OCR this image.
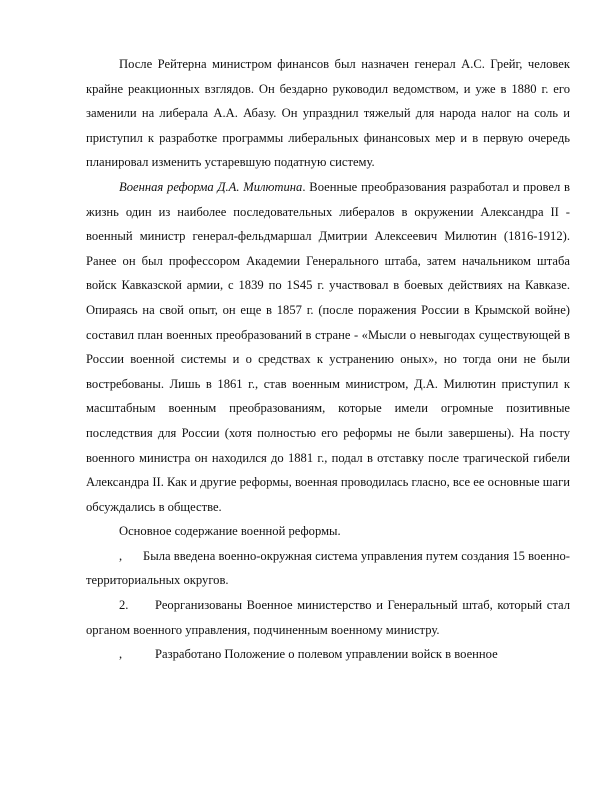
После Рейтерна министром финансов был назначен генерал А.С. Грейг, человек крайне реакционных взглядов. Он бездарно руководил ведомством, и уже в 1880 г. его заменили на либерала А.А. Абазу. Он упразднил тяжелый для народа налог на соль и приступил к разработке программы либеральных финансовых мер и в первую очередь планировал изменить устаревшую податную систему.

Военная реформа Д.А. Милютина. Военные преобразования разработал и провел в жизнь один из наиболее последовательных либералов в окружении Александра II - военный министр генерал-фельдмаршал Дмитрии Алексеевич Милютин (1816-1912). Ранее он был профессором Академии Генерального штаба, затем начальником штаба войск Кавказской армии, с 1839 по 1S45 г. участвовал в боевых действиях на Кавказе. Опираясь на свой опыт, он еще в 1857 г. (после поражения России в Крымской войне) составил план военных преобразований в стране - «Мысли о невыгодах существующей в России военной системы и о средствах к устранению оных», но тогда они не были востребованы. Лишь в 1861 г., став военным министром, Д.А. Милютин приступил к масштабным военным преобразованиям, которые имели огромные позитивные последствия для России (хотя полностью его реформы не были завершены). На посту военного министра он находился до 1881 г., подал в отставку после трагической гибели Александра II. Как и другие реформы, военная проводилась гласно, все ее основные шаги обсуждались в обществе.

Основное содержание военной реформы.

, Была введена военно-окружная система управления путем создания 15 военно-территориальных округов.

2. Реорганизованы Военное министерство и Генеральный штаб, который стал органом военного управления, подчиненным военному министру.

,	Разработано Положение о полевом управлении войск в военное
